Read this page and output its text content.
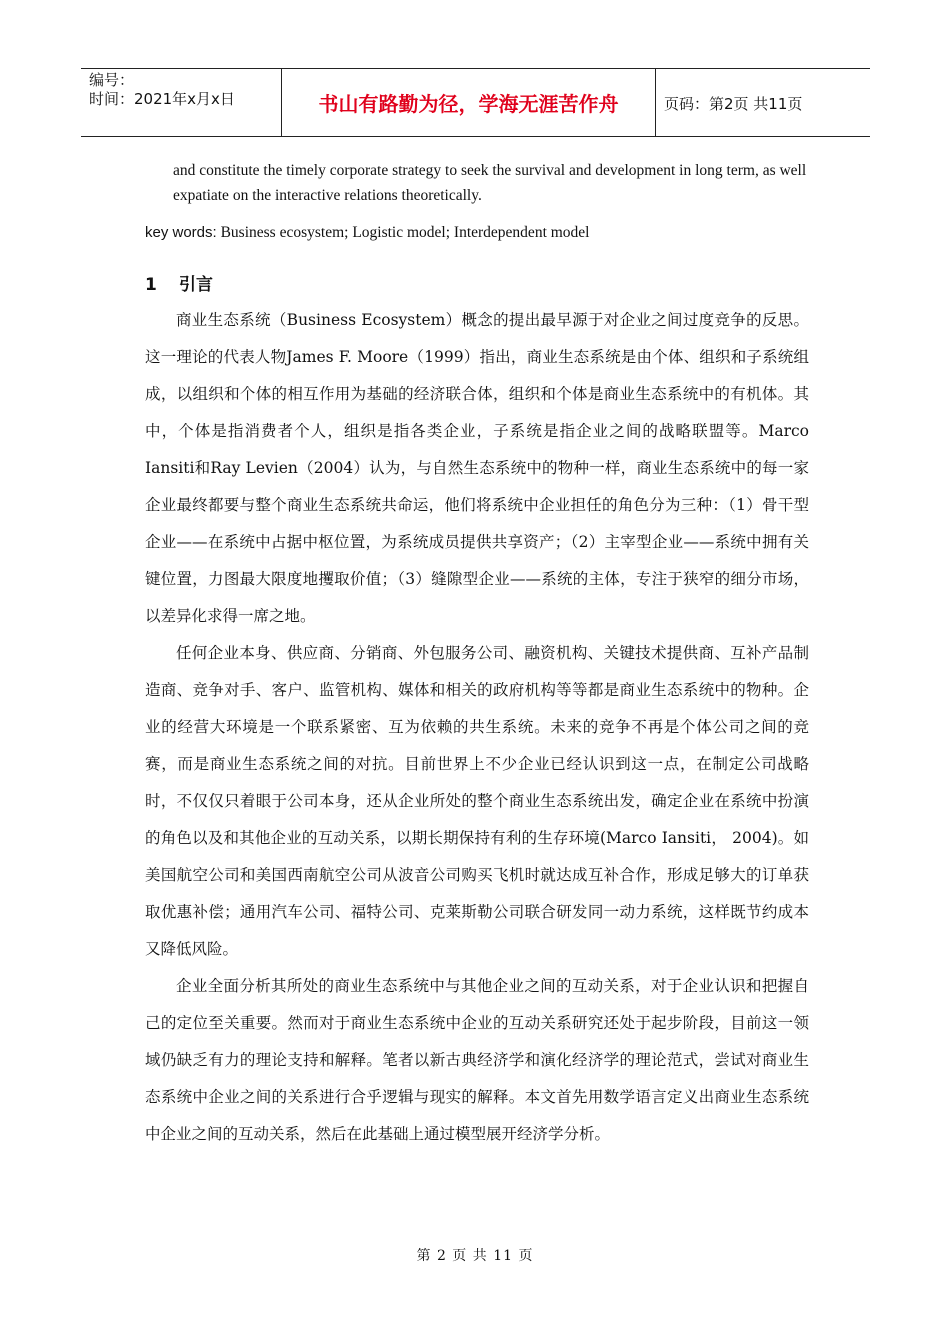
编号：
时间：2021年x月x日	书山有路勤为径，学海无涯苦作舟	页码：第2页 共11页
and constitute the timely corporate strategy to seek the survival and development in long term, as well expatiate on the interactive relations theoretically.
key words: Business ecosystem; Logistic model; Interdependent model
1 引言
商业生态系统（Business Ecosystem）概念的提出最早源于对企业之间过度竞争的反思。这一理论的代表人物James F. Moore（1999）指出，商业生态系统是由个体、组织和子系统组成，以组织和个体的相互作用为基础的经济联合体，组织和个体是商业生态系统中的有机体。其中，个体是指消费者个人，组织是指各类企业，子系统是指企业之间的战略联盟等。Marco Iansiti和Ray Levien（2004）认为，与自然生态系统中的物种一样，商业生态系统中的每一家企业最终都要与整个商业生态系统共命运，他们将系统中企业担任的角色分为三种：（1）骨干型企业——在系统中占据中枢位置，为系统成员提供共享资产；（2）主宰型企业——系统中拥有关键位置，力图最大限度地攫取价值；（3）缝隙型企业——系统的主体，专注于狭窄的细分市场，以差异化求得一席之地。
任何企业本身、供应商、分销商、外包服务公司、融资机构、关键技术提供商、互补产品制造商、竞争对手、客户、监管机构、媒体和相关的政府机构等等都是商业生态系统中的物种。企业的经营大环境是一个联系紧密、互为依赖的共生系统。未来的竞争不再是个体公司之间的竞赛，而是商业生态系统之间的对抗。目前世界上不少企业已经认识到这一点，在制定公司战略时，不仅仅只着眼于公司本身，还从企业所处的整个商业生态系统出发，确定企业在系统中扮演的角色以及和其他企业的互动关系，以期长期保持有利的生存环境(Marco Iansiti， 2004)。如美国航空公司和美国西南航空公司从波音公司购买飞机时就达成互补合作，形成足够大的订单获取优惠补偿；通用汽车公司、福特公司、克莱斯勒公司联合研发同一动力系统，这样既节约成本又降低风险。
企业全面分析其所处的商业生态系统中与其他企业之间的互动关系，对于企业认识和把握自己的定位至关重要。然而对于商业生态系统中企业的互动关系研究还处于起步阶段，目前这一领域仍缺乏有力的理论支持和解释。笔者以新古典经济学和演化经济学的理论范式，尝试对商业生态系统中企业之间的关系进行合乎逻辑与现实的解释。本文首先用数学语言定义出商业生态系统中企业之间的互动关系，然后在此基础上通过模型展开经济学分析。
第 2 页 共 11 页
